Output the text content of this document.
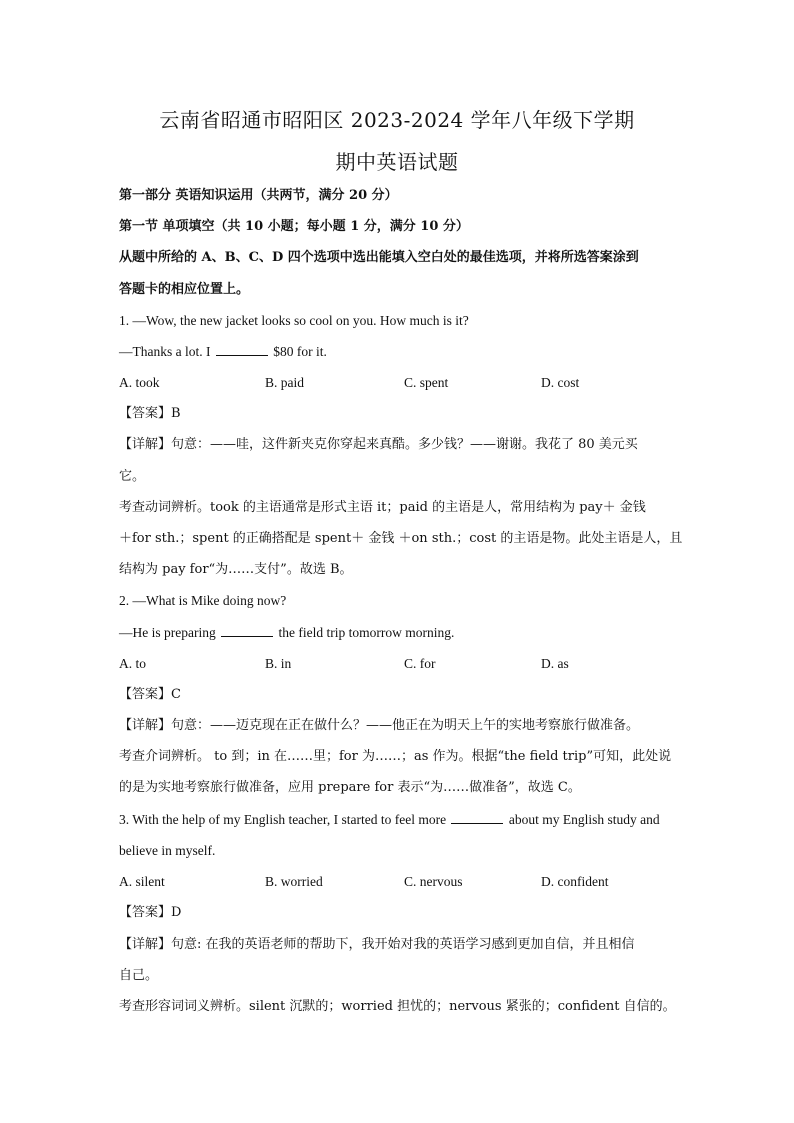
云南省昭通市昭阳区 2023-2024 学年八年级下学期
期中英语试题
第一部分 英语知识运用（共两节，满分 20 分）
第一节 单项填空（共 10 小题；每小题 1 分，满分 10 分）
从题中所给的 A、B、C、D 四个选项中选出能填入空白处的最佳选项，并将所选答案涂到
答题卡的相应位置上。
1. —Wow, the new jacket looks so cool on you. How much is it?
—Thanks a lot. I	$80 for it.
A. took	B. paid	C. spent	D. cost
【答案】B
【详解】句意：——哇，这件新夹克你穿起来真酷。多少钱？——谢谢。我花了 80 美元买
它。
考查动词辨析。took 的主语通常是形式主语 it；paid 的主语是人，常用结构为 pay＋ 金钱
＋for sth.；spent 的正确搭配是 spent＋ 金钱 ＋on sth.；cost 的主语是物。此处主语是人，且
结构为 pay for“为……支付”。故选 B。
2. —What is Mike doing now?
—He is preparing	the field trip tomorrow morning.
A. to	B. in	C. for	D. as
【答案】C
【详解】句意：——迈克现在正在做什么？——他正在为明天上午的实地考察旅行做准备。
考查介词辨析。 to 到；in 在……里；for 为……；as 作为。根据“the field trip”可知，此处说
的是为实地考察旅行做准备，应用 prepare for 表示“为……做准备”，故选 C。
3. With the help of my English teacher, I started to feel more	about my English study and
believe in myself.
A. silent	B. worried	C. nervous	D. confident
【答案】D
【详解】句意: 在我的英语老师的帮助下，我开始对我的英语学习感到更加自信，并且相信
自己。
考查形容词词义辨析。silent 沉默的；worried 担忧的；nervous 紧张的；confident 自信的。
